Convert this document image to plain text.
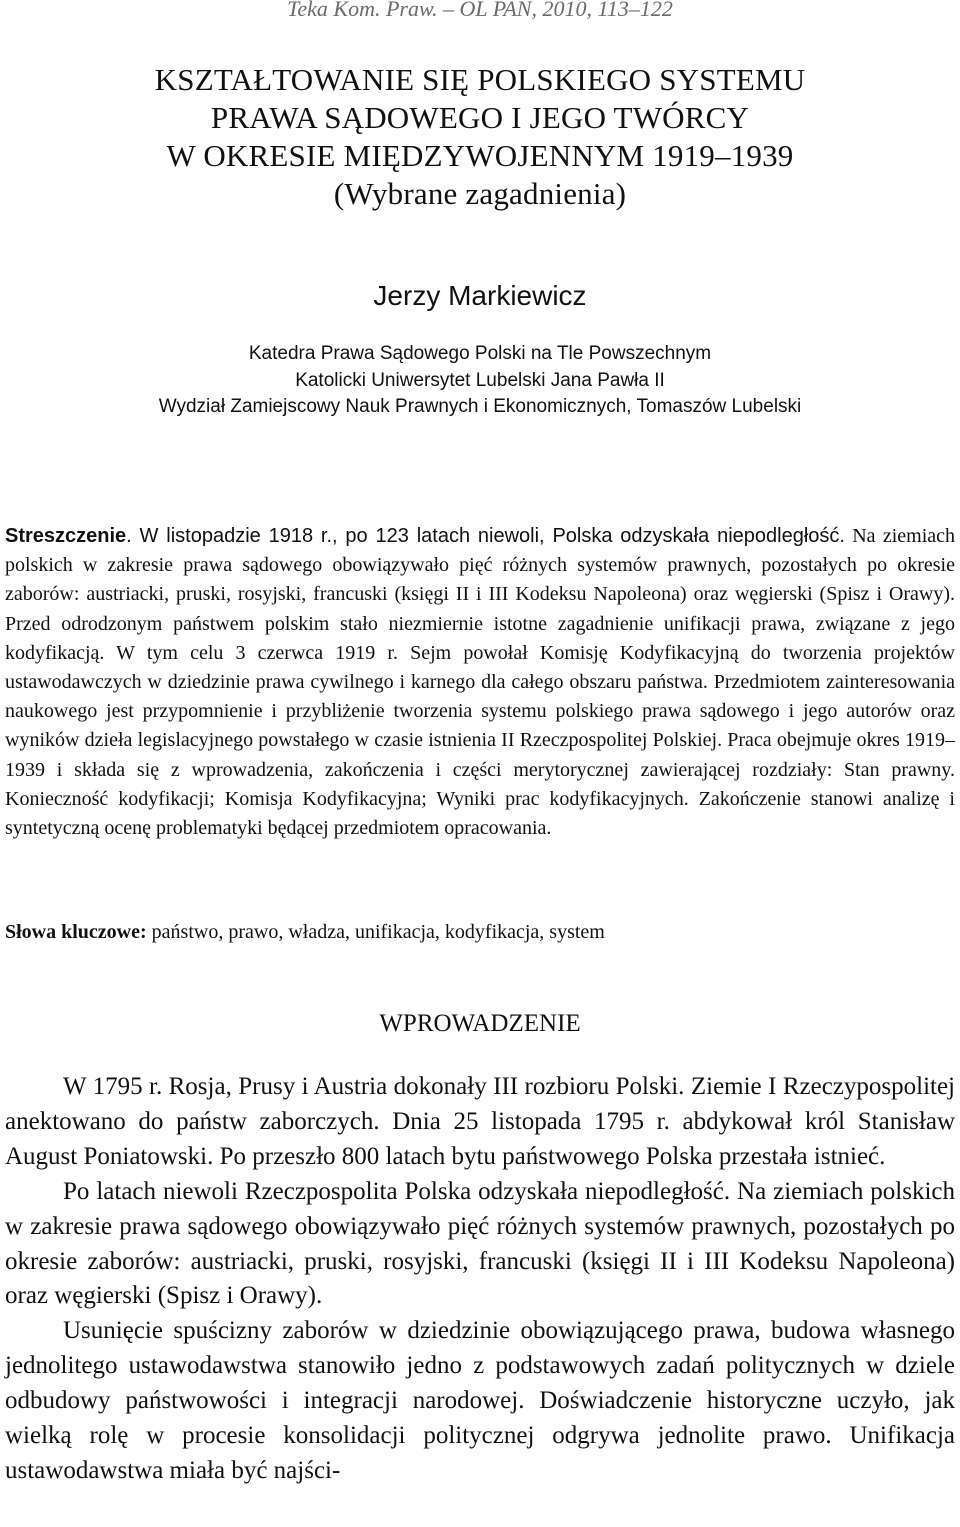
Teka Kom. Praw. – OL PAN, 2010, 113–122
KSZTAŁTOWANIE SIĘ POLSKIEGO SYSTEMU
PRAWA SĄDOWEGO I JEGO TWÓRCY
W OKRESIE MIĘDZYWOJENNYM 1919–1939
(Wybrane zagadnienia)
Jerzy Markiewicz
Katedra Prawa Sądowego Polski na Tle Powszechnym
Katolicki Uniwersytet Lubelski Jana Pawła II
Wydział Zamiejscowy Nauk Prawnych i Ekonomicznych, Tomaszów Lubelski
Streszczenie. W listopadzie 1918 r., po 123 latach niewoli, Polska odzyskała niepodległość. Na ziemiach polskich w zakresie prawa sądowego obowiązywało pięć różnych systemów prawnych, pozostałych po okresie zaborów: austriacki, pruski, rosyjski, francuski (księgi II i III Kodeksu Napoleona) oraz węgierski (Spisz i Orawy). Przed odrodzonym państwem polskim stało niezmiernie istotne zagadnienie unifikacji prawa, związane z jego kodyfikacją. W tym celu 3 czerwca 1919 r. Sejm powołał Komisję Kodyfikacyjną do tworzenia projektów ustawodawczych w dziedzinie prawa cywilnego i karnego dla całego obszaru państwa. Przedmiotem zainteresowania naukowego jest przypomnienie i przybliżenie tworzenia systemu polskiego prawa sądowego i jego autorów oraz wyników dzieła legislacyjnego powstałego w czasie istnienia II Rzeczpospolitej Polskiej. Praca obejmuje okres 1919–1939 i składa się z wprowadzenia, zakończenia i części merytorycznej zawierającej rozdziały: Stan prawny. Konieczność kodyfikacji; Komisja Kodyfikacyjna; Wyniki prac kodyfikacyjnych. Zakończenie stanowi analizę i syntetyczną ocenę problematyki będącej przedmiotem opracowania.
Słowa kluczowe: państwo, prawo, władza, unifikacja, kodyfikacja, system
WPROWADZENIE

W 1795 r. Rosja, Prusy i Austria dokonały III rozbioru Polski. Ziemie I Rzeczypospolitej anektowano do państw zaborczych. Dnia 25 listopada 1795 r. abdykował król Stanisław August Poniatowski. Po przeszło 800 latach bytu państwowego Polska przestała istnieć.

Po latach niewoli Rzeczpospolita Polska odzyskała niepodległość. Na ziemiach polskich w zakresie prawa sądowego obowiązywało pięć różnych systemów prawnych, pozostałych po okresie zaborów: austriacki, pruski, rosyjski, francuski (księgi II i III Kodeksu Napoleona) oraz węgierski (Spisz i Orawy).

Usunięcie spuścizny zaborów w dziedzinie obowiązującego prawa, budowa własnego jednolitego ustawodawstwa stanowiło jedno z podstawowych zadań politycznych w dziele odbudowy państwowości i integracji narodowej. Doświadczenie historyczne uczyło, jak wielką rolę w procesie konsolidacji politycznej odgrywa jednolite prawo. Unifikacja ustawodawstwa miała być najści-
